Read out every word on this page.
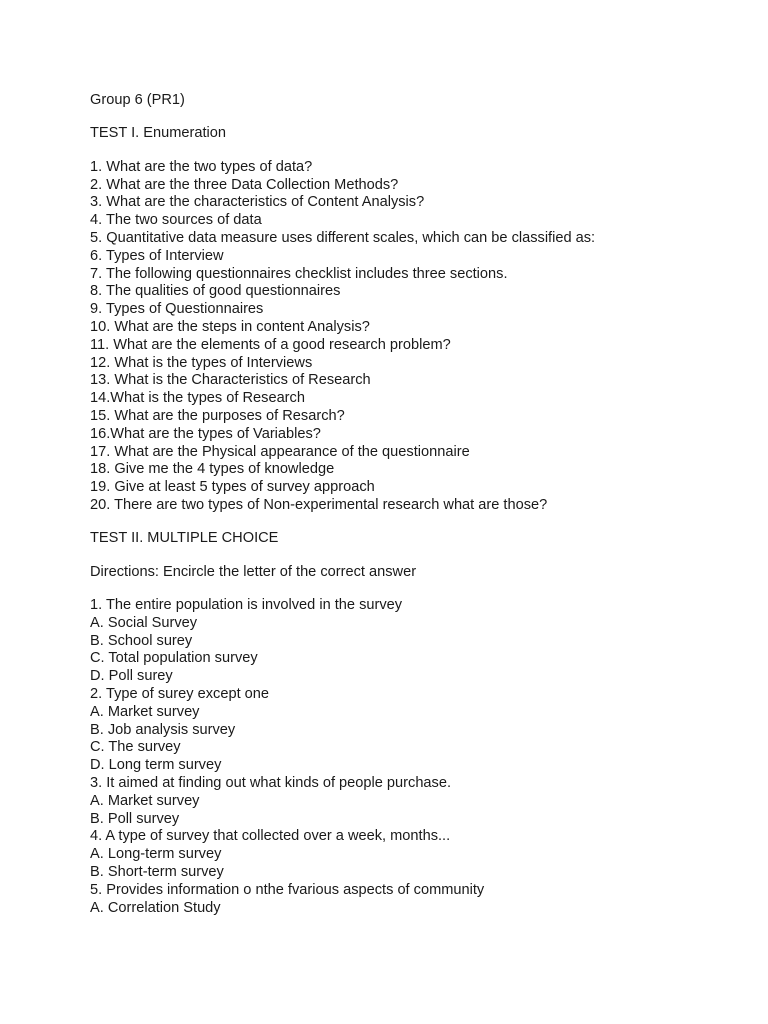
Group 6 (PR1)
TEST I. Enumeration
1. What are the two types of data?
2. What are the three Data Collection Methods?
3. What are the characteristics of Content Analysis?
4. The two sources of data
5. Quantitative data measure uses different scales, which can be classified as:
6. Types of Interview
7. The following questionnaires checklist includes three sections.
8. The qualities of good questionnaires
9. Types of Questionnaires
10. What are the steps in content Analysis?
11. What are the elements of a good research problem?
12. What is the types of Interviews
13. What is the Characteristics of Research
14.What is the types of Research
15. What are the purposes of Resarch?
16.What are the types of Variables?
17. What are the Physical appearance of the questionnaire
18. Give me the 4 types of knowledge
19. Give at least 5 types of survey approach
20. There are two types of Non-experimental research what are those?
TEST II. MULTIPLE CHOICE
Directions: Encircle the letter of the correct answer
1. The entire population is involved in the survey
A. Social Survey
B. School surey
C. Total population survey
D. Poll surey
2. Type of surey except one
A. Market survey
B. Job analysis survey
C. The survey
D. Long term survey
3. It aimed at finding out what kinds of people purchase.
A. Market survey
B. Poll survey
4. A type of survey that collected over a week, months...
A. Long-term survey
B. Short-term survey
5. Provides information o nthe fvarious aspects of community
A. Correlation Study
